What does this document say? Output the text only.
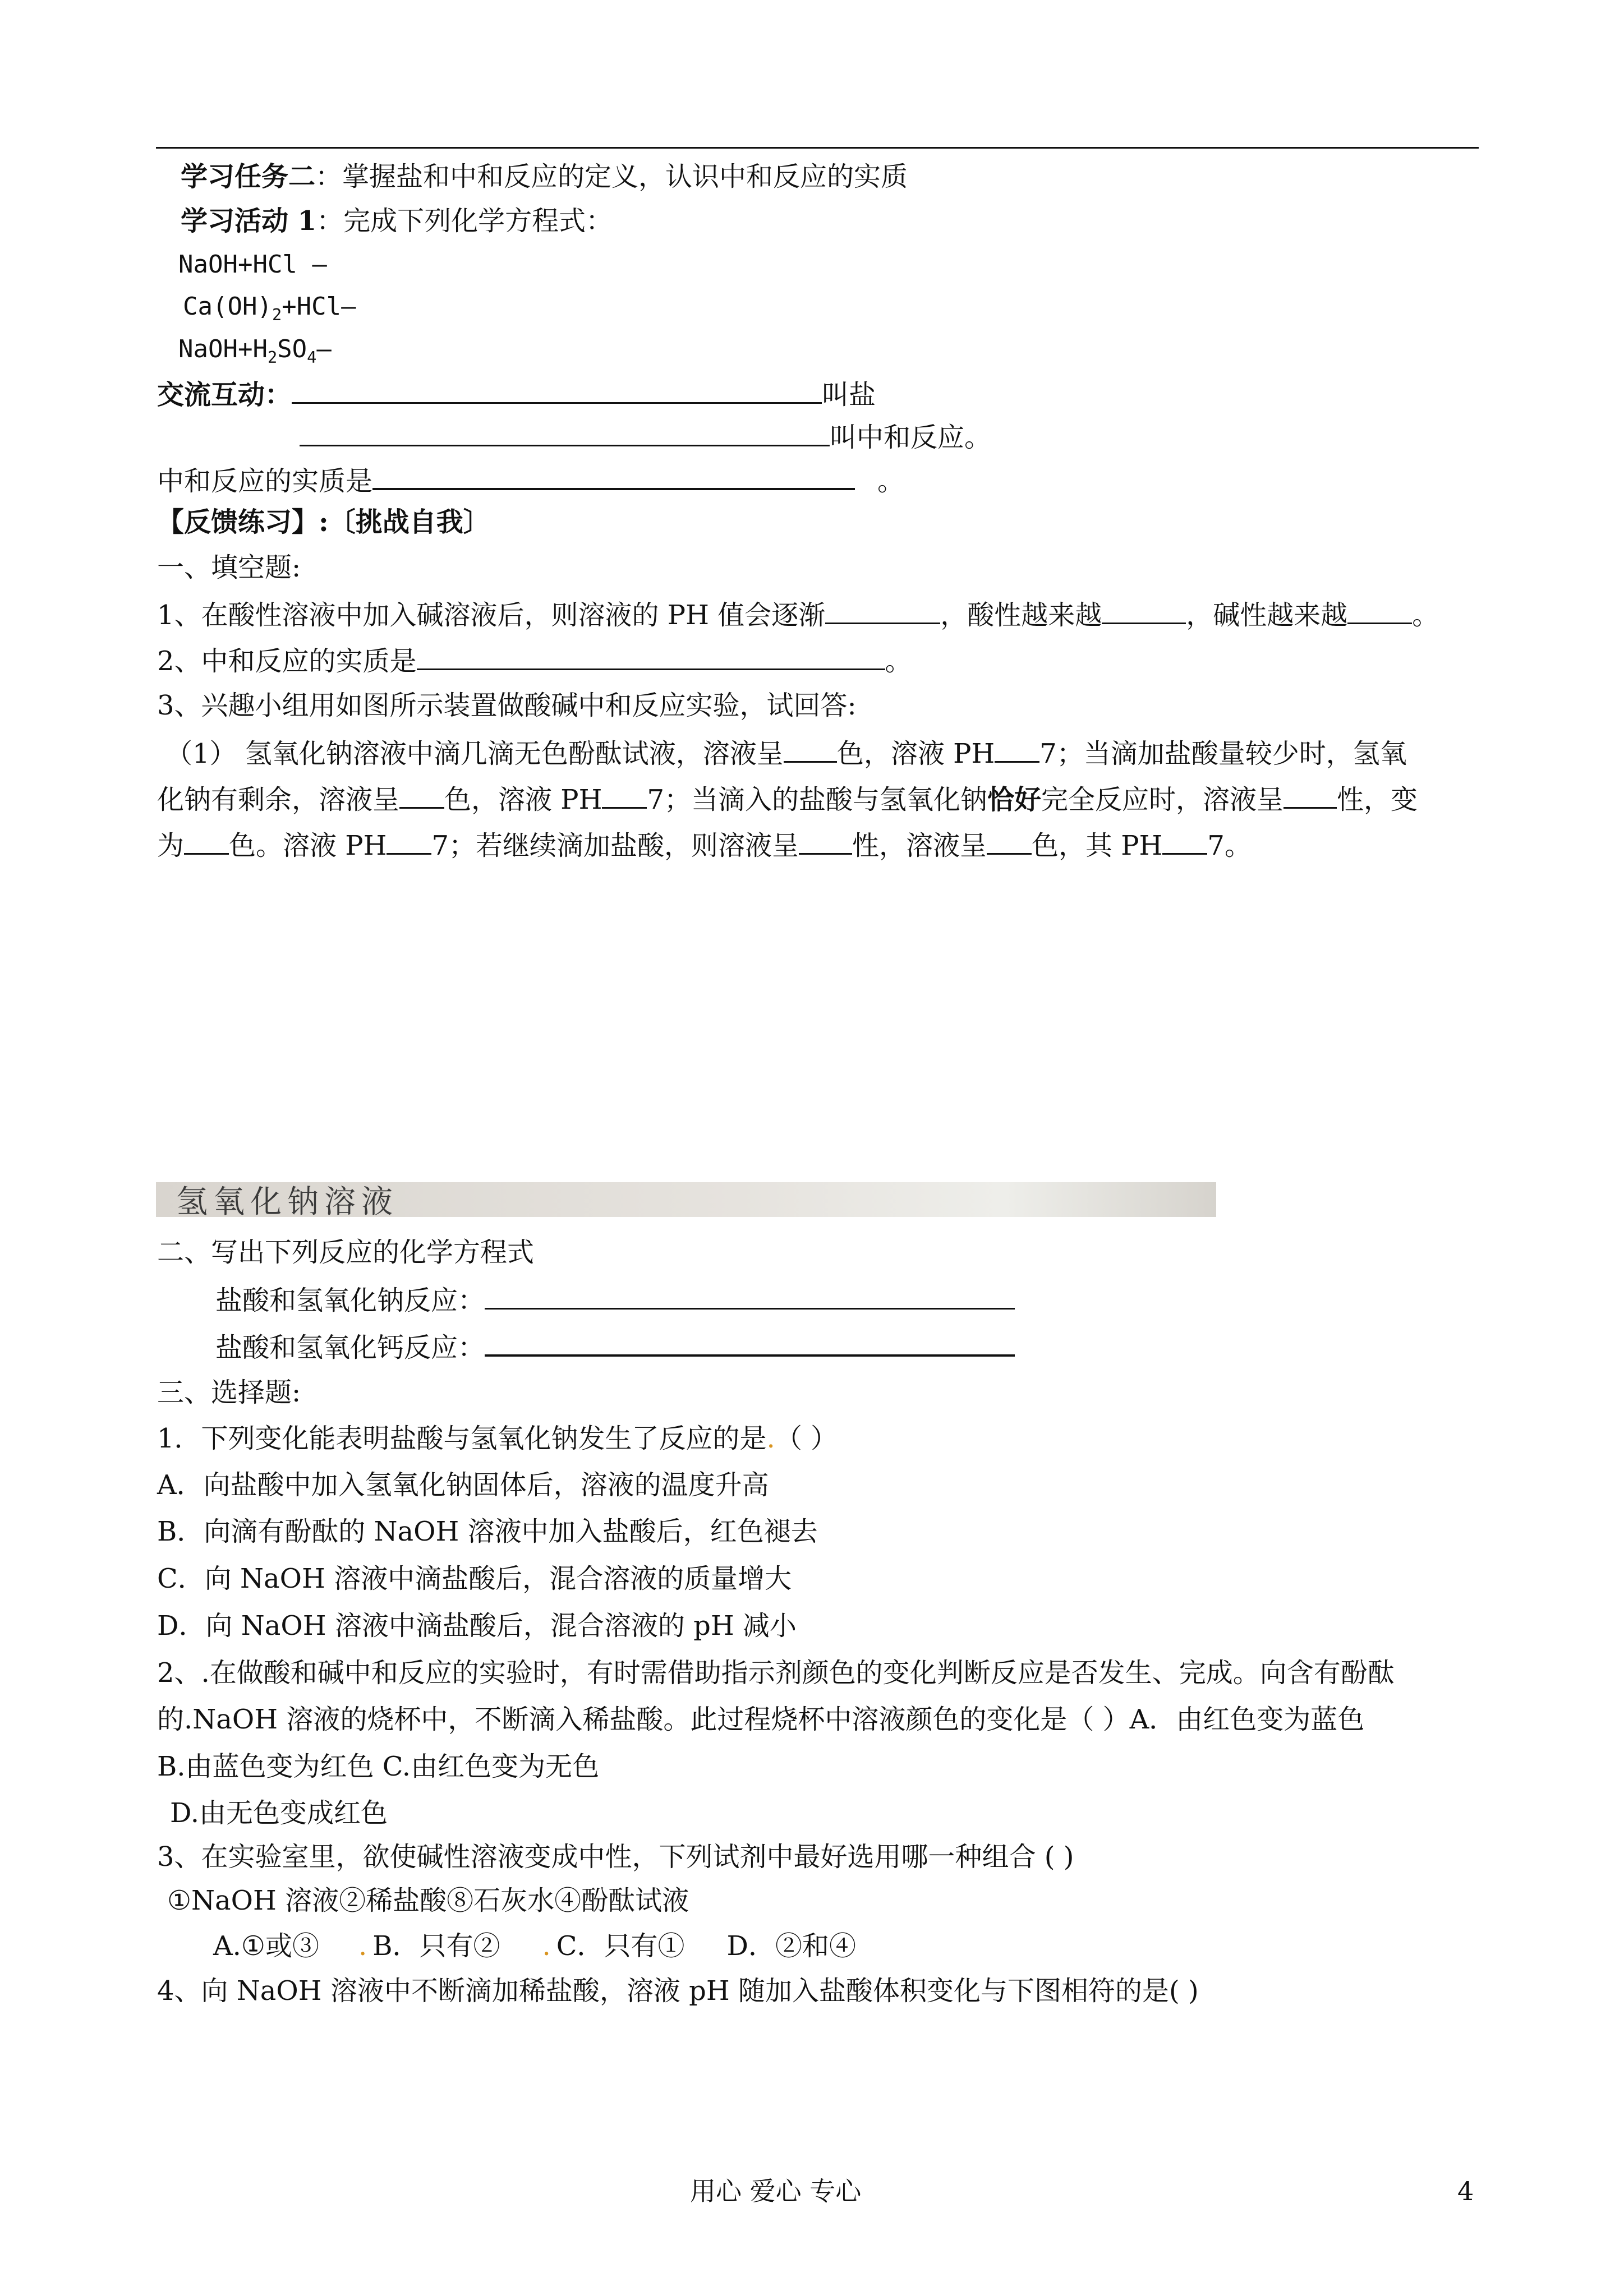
学习任务二：掌握盐和中和反应的定义，认识中和反应的实质
学习活动 1：完成下列化学方程式：
NaOH+HCl —
$Ca(OH)_2+HCl—$
$NaOH+H_2SO_4—$
交流互动：	叫盐
叫中和反应。
中和反应的实质是	。
【反馈练习】:〔挑战自我〕
一、填空题:
1、在酸性溶液中加入碱溶液后，则溶液的 PH 值会逐渐	，酸性越来越	，碱性越来越 。
2、中和反应的实质是	。
3、兴趣小组用如图所示装置做酸碱中和反应实验，试回答:
（1） 氢氧化钠溶液中滴几滴无色酚酞试液，溶液呈 色，溶液 PH 7；当滴加盐酸量较少时，氢氧
化钠有剩余，溶液呈 色，溶液 PH 7；当滴入的盐酸与氢氧化钠恰好完全反应时，溶液呈 性，变
为 色。溶液 PH 7；若继续滴加盐酸，则溶液呈 性，溶液呈 色，其 PH 7。
氢氧化钠溶液
二、写出下列反应的化学方程式
盐酸和氢氧化钠反应：
盐酸和氢氧化钙反应：
三、选择题:
1．下列变化能表明盐酸与氢氧化钠发生了反应的是.（ ）
A．向盐酸中加入氢氧化钠固体后，溶液的温度升高
B．向滴有酚酞的 NaOH 溶液中加入盐酸后，红色褪去
C．向 NaOH 溶液中滴盐酸后，混合溶液的质量增大
D．向 NaOH 溶液中滴盐酸后，混合溶液的 pH 减小
2、.在做酸和碱中和反应的实验时，有时需借助指示剂颜色的变化判断反应是否发生、完成。向含有酚酞
的.NaOH 溶液的烧杯中，不断滴入稀盐酸。此过程烧杯中溶液颜色的变化是（ ）A．由红色变为蓝色
B.由蓝色变为红色 C.由红色变为无色
D.由无色变成红色
3、在实验室里，欲使碱性溶液变成中性，下列试剂中最好选用哪一种组合 ( )
①NaOH 溶液②稀盐酸⑧石灰水④酚酞试液
A.①或③ . B．只有② . C．只有① D．②和④
4、向 NaOH 溶液中不断滴加稀盐酸，溶液 pH 随加入盐酸体积变化与下图相符的是( )
用心 爱心 专心	4
